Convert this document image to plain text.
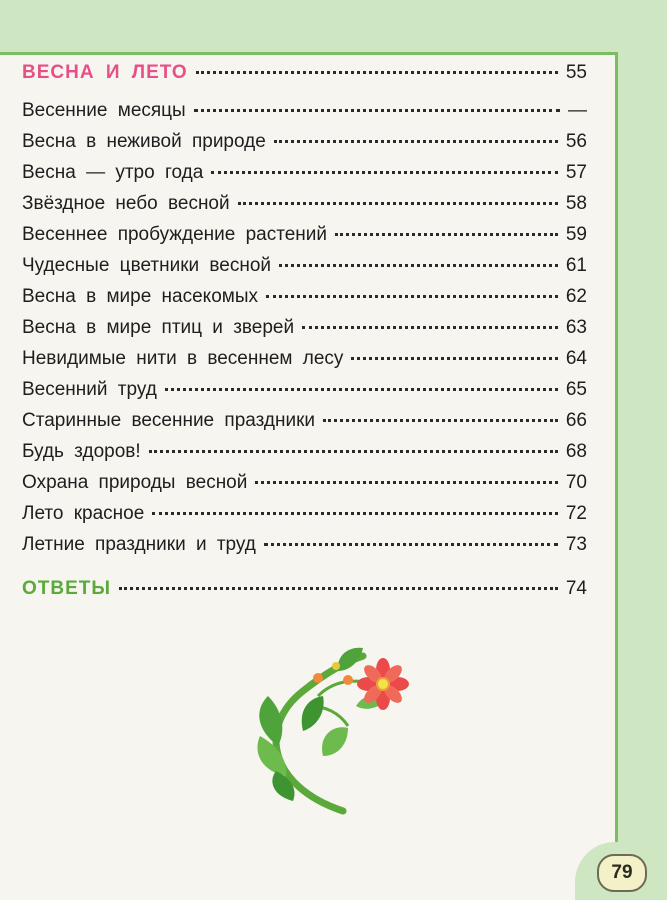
ВЕСНА И ЛЕТО	55
Весенние месяцы	—
Весна в неживой природе	56
Весна — утро года	57
Звёздное небо весной	58
Весеннее пробуждение растений	59
Чудесные цветники весной	61
Весна в мире насекомых	62
Весна в мире птиц и зверей	63
Невидимые нити в весеннем лесу	64
Весенний труд	65
Старинные весенние праздники	66
Будь здоров!	68
Охрана природы весной	70
Лето красное	72
Летние праздники и труд	73
ОТВЕТЫ	74
79
